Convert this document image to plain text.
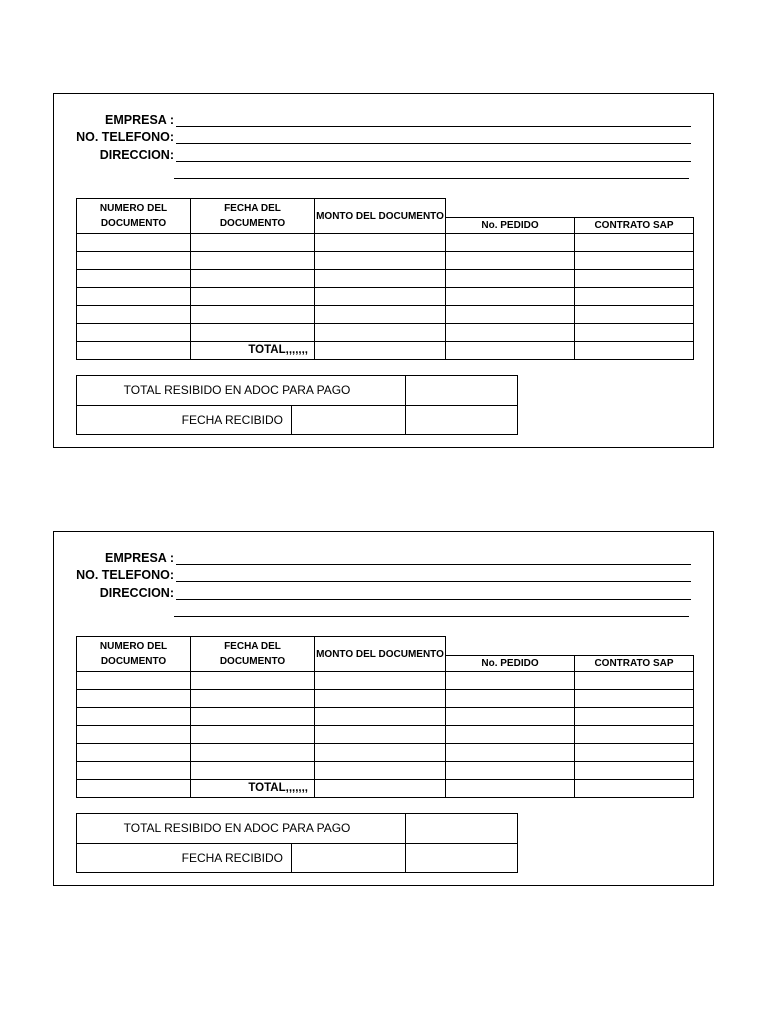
EMPRESA :
NO. TELEFONO:
DIRECCION:
NUMERO DEL DOCUMENTO	FECHA DEL DOCUMENTO	MONTO DEL DOCUMENTO		
			No. PEDIDO	CONTRATO SAP

	TOTAL,,,,,,,			
TOTAL RESIBIDO EN ADOC PARA PAGO		
FECHA RECIBIDO		
EMPRESA :
NO. TELEFONO:
DIRECCION:
NUMERO DEL DOCUMENTO	FECHA DEL DOCUMENTO	MONTO DEL DOCUMENTO		
			No. PEDIDO	CONTRATO SAP

	TOTAL,,,,,,,			
TOTAL RESIBIDO EN ADOC PARA PAGO		
FECHA RECIBIDO		
